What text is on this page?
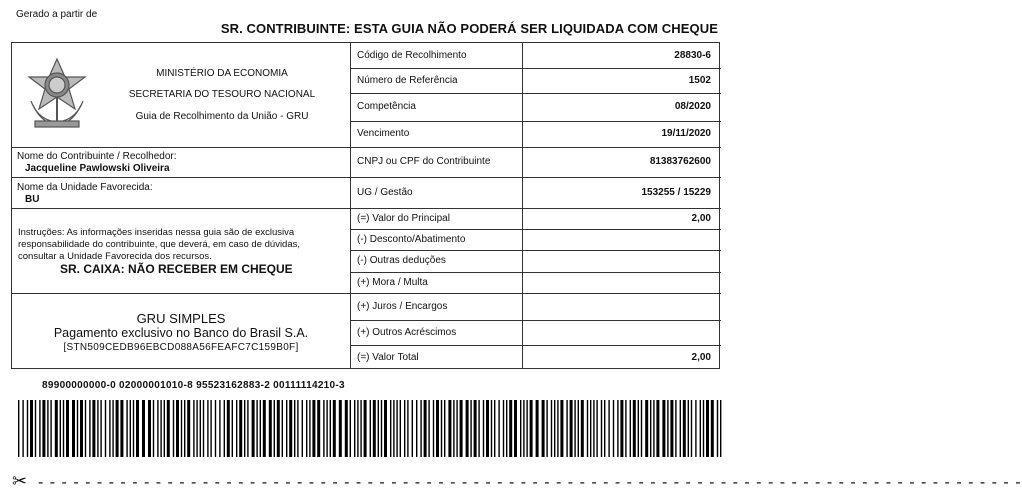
Gerado a partir de
SR. CONTRIBUINTE: ESTA GUIA NÃO PODERÁ SER LIQUIDADA COM CHEQUE
MINISTÉRIO DA ECONOMIA
SECRETARIA DO TESOURO NACIONAL
Guia de Recolhimento da União - GRU
Nome do Contribuinte / Recolhedor:
Jacqueline Pawlowski Oliveira
Nome da Unidade Favorecida:
BU
Instruções: As informações inseridas nessa guia são de exclusiva responsabilidade do contribuinte, que deverá, em caso de dúvidas, consultar a Unidade Favorecida dos recursos.
SR. CAIXA: NÃO RECEBER EM CHEQUE
GRU SIMPLES
Pagamento exclusivo no Banco do Brasil S.A.
[STN509CEDB96EBCD088A56FEAFC7C159B0F]
Código de Recolhimento	28830-6
Número de Referência	1502
Competência	08/2020
Vencimento	19/11/2020
CNPJ ou CPF do Contribuinte	81383762600
UG / Gestão	153255 / 15229
(=) Valor do Principal	2,00
(-) Desconto/Abatimento
(-) Outras deduções
(+) Mora / Multa
(+) Juros / Encargos
(+) Outros Acréscimos
(=) Valor Total	2,00
89900000000-0 02000001010-8 95523162883-2 00111114210-3
✂ - - - - - - - - - - - - - - - - - - - - - - - - - - - - - - - - - - - - - - - - - - - - - - - - - - - - - - - - - - - - - - - - - - - - - - - - - - - - - - - - - - - -
